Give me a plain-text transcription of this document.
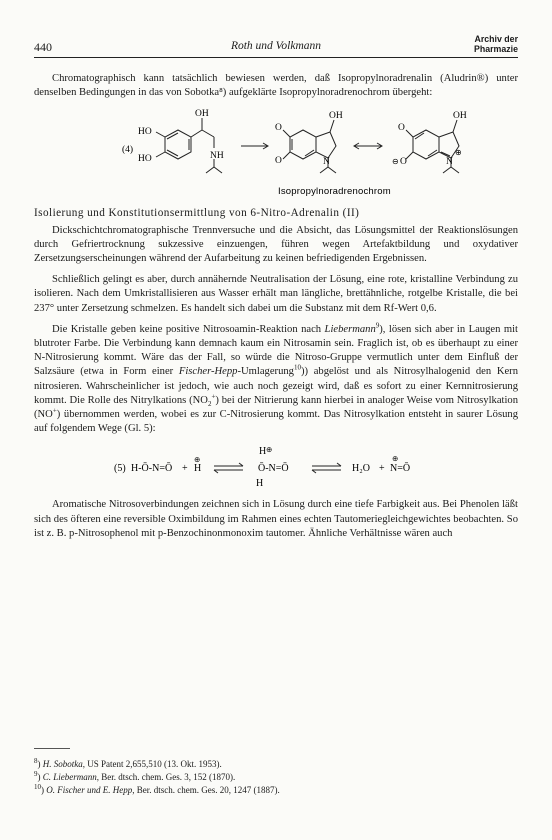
440	Roth und Volkmann
Archiv der
Pharmazie

Chromatographisch kann tatsächlich bewiesen werden, daß Isopropylnoradrenalin (Aludrin®) unter denselben Bedingungen in das von Sobotka⁸) aufgeklärte Isopropylnoradrenochrom übergeht:

(4)
HO
HO
OH
NH
O
O
OH
N
O
⊖ O
OH
N
⊕
Isopropylnoradrenochrom

Isolierung und Konstitutionsermittlung von 6-Nitro-Adrenalin (II)

Dickschichtchromatographische Trennversuche und die Absicht, das Lösungsmittel der Reaktionslösungen durch Gefriertrocknung sukzessive einzuengen, führen wegen Artefaktbildung und oxydativer Zersetzungserscheinungen während der Aufarbeitung zu keinen befriedigenden Ergebnissen.

Schließlich gelingt es aber, durch annähernde Neutralisation der Lösung, eine rote, kristalline Verbindung zu isolieren. Nach dem Umkristallisieren aus Wasser erhält man längliche, brettähnliche, rotgelbe Kristalle, die bei 237° unter Zersetzung schmelzen. Es handelt sich dabei um die Substanz mit dem Rf-Wert 0,6.

Die Kristalle geben keine positive Nitrosoamin-Reaktion nach Liebermann$^9$), lösen sich aber in Laugen mit blutroter Farbe. Die Verbindung kann demnach kaum ein Nitrosamin sein. Fraglich ist, ob es überhaupt zu einer N-Nitrosierung kommt. Wäre das der Fall, so würde die Nitroso-Gruppe vermutlich unter dem Einfluß der Salzsäure (etwa in Form einer Fischer-Hepp-Umlagerung$^{10}$)) abgelöst und als Nitrosylhalogenid den Kern nitrosieren. Wahrscheinlicher ist jedoch, wie auch noch gezeigt wird, daß es sofort zu einer Kernnitrosierung kommt. Die Rolle des Nitrylkations $(NO_2^+)$ bei der Nitrierung kann hierbei in analoger Weise vom Nitrosylkation (NO+) übernommen werden, wobei es zur C-Nitrosierung kommt. Das Nitrosylkation entsteht in saurer Lösung auf folgendem Wege (Gl. 5):

(5) H-Ō-N=Ō +
⊕
H
H ⊕
Ō-N=Ō
H
H₂O +
⊕
N=Ō

Aromatische Nitrosoverbindungen zeichnen sich in Lösung durch eine tiefe Farbigkeit aus. Bei Phenolen läßt sich des öfteren eine reversible Oximbildung im Rahmen eines echten Tautomeriegleichgewichtes beobachten. So ist z. B. p-Nitrosophenol mit p-Benzochinonmonoxim tautomer. Ähnliche Verhältnisse wären auch

$^8$) H. Sobotka, US Patent 2,655,510 (13. Okt. 1953).

$^9$) C. Liebermann, Ber. dtsch. chem. Ges. 3, 152 (1870).

$^{10}$) O. Fischer und E. Hepp, Ber. dtsch. chem. Ges. 20, 1247 (1887).
